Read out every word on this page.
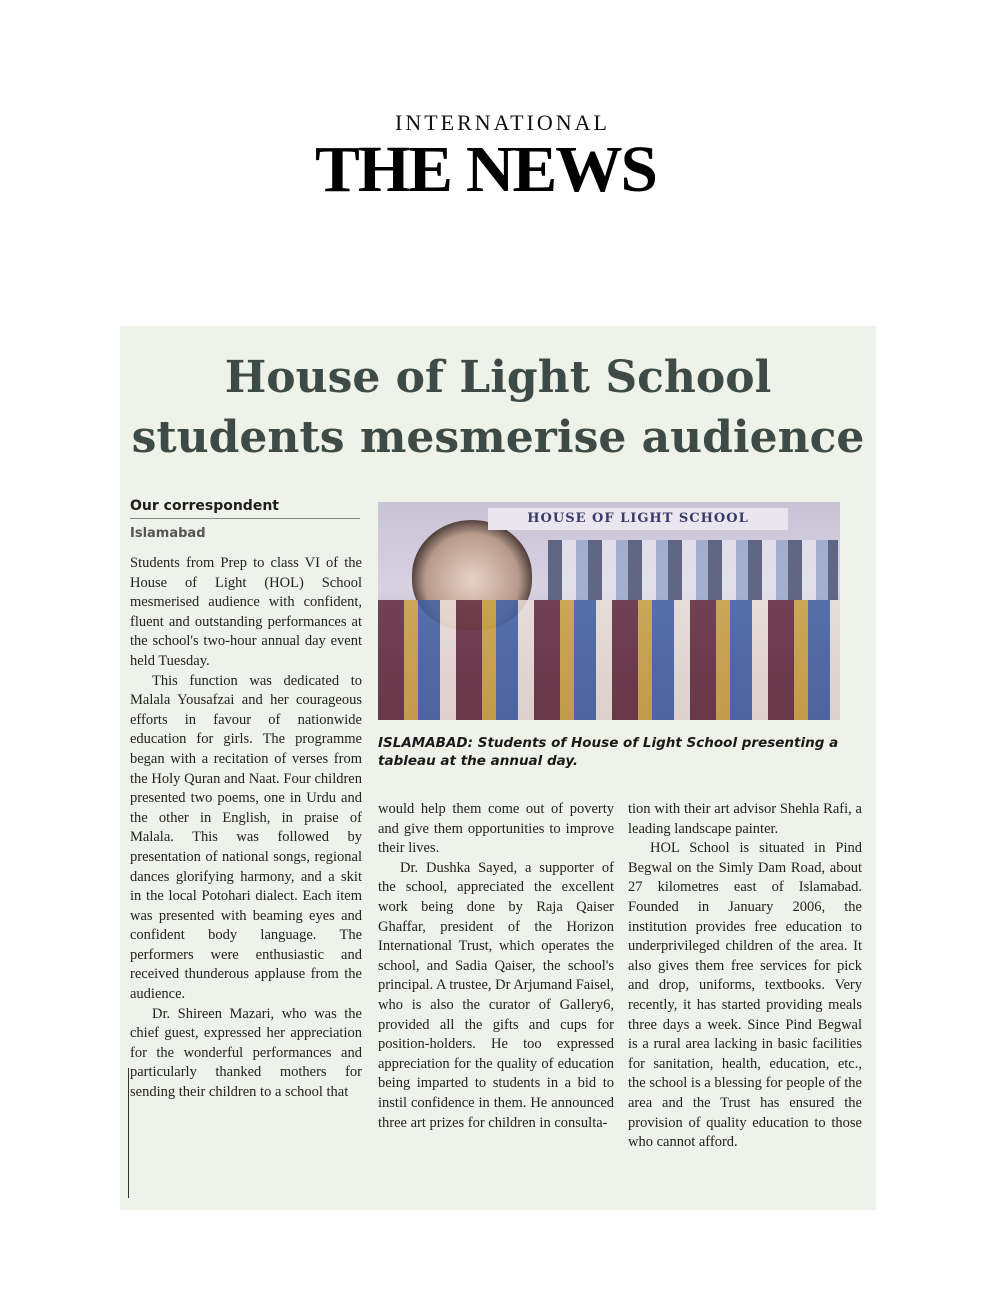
INTERNATIONAL
THE NEWS
House of Light School
students mesmerise audience
Our correspondent
Islamabad
HOUSE OF LIGHT SCHOOL
ISLAMABAD: Students of House of Light School presenting a tableau at the annual day.

Students from Prep to class VI of the House of Light (HOL) School mesmerised audience with confident, fluent and outstanding performances at the school's two-hour annual day event held Tuesday.

This function was dedicated to Malala Yousafzai and her courageous efforts in favour of nationwide education for girls. The programme began with a recitation of verses from the Holy Quran and Naat. Four children presented two poems, one in Urdu and the other in English, in praise of Malala. This was followed by presentation of national songs, regional dances glorifying harmony, and a skit in the local Potohari dialect. Each item was presented with beaming eyes and confident body language. The performers were enthusiastic and received thunderous applause from the audience.

Dr. Shireen Mazari, who was the chief guest, expressed her appreciation for the wonderful performances and particularly thanked mothers for sending their children to a school that

would help them come out of poverty and give them opportunities to improve their lives.

Dr. Dushka Sayed, a supporter of the school, appreciated the excellent work being done by Raja Qaiser Ghaffar, president of the Horizon International Trust, which operates the school, and Sadia Qaiser, the school's principal. A trustee, Dr Arjumand Faisel, who is also the curator of Gallery6, provided all the gifts and cups for position-holders. He too expressed appreciation for the quality of education being imparted to students in a bid to instil confidence in them. He announced three art prizes for children in consulta-

tion with their art advisor Shehla Rafi, a leading landscape painter.

HOL School is situated in Pind Begwal on the Simly Dam Road, about 27 kilometres east of Islamabad. Founded in January 2006, the institution provides free education to underprivileged children of the area. It also gives them free services for pick and drop, uniforms, textbooks. Very recently, it has started providing meals three days a week. Since Pind Begwal is a rural area lacking in basic facilities for sanitation, health, education, etc., the school is a blessing for people of the area and the Trust has ensured the provision of quality education to those who cannot afford.
